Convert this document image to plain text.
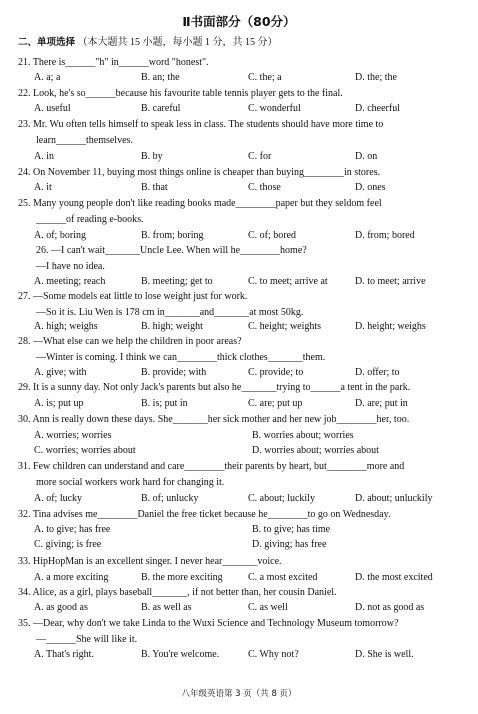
Ⅱ书面部分（80分）
二、单项选择 （本大题共 15 小题，每小题 1 分，共 15 分）
21. There is______"h" in______word "honest".
A. a; a	B. an; the	C. the; a	D. the; the
22. Look, he's so______because his favourite table tennis player gets to the final.
A. useful	B. careful	C. wonderful	D. cheerful
23. Mr. Wu often tells himself to speak less in class. The students should have more time to
learn______themselves.
A. in	B. by	C. for	D. on
24. On November 11, buying most things online is cheaper than buying________in stores.
A. it	B. that	C. those	D. ones
25. Many young people don't like reading books made________paper but they seldom feel
______of reading e-books.
A. of; boring	B. from; boring	C. of; bored	D. from; bored
26. —I can't wait_______Uncle Lee. When will he________home?
—I have no idea.
A. meeting; reach	B. meeting; get to	C. to meet; arrive at	D. to meet; arrive
27. —Some models eat little to lose weight just for work.
—So it is. Liu Wen is 178 cm in_______and_______at most 50kg.
A. high; weighs	B. high; weight	C. height; weights	D. height; weighs
28. —What else can we help the children in poor areas?
—Winter is coming. I think we can________thick clothes_______them.
A. give; with	B. provide; with	C. provide; to	D. offer; to
29. It is a sunny day. Not only Jack's parents but also he_______trying to______a tent in the park.
A. is; put up	B. is; put in	C. are; put up	D. are; put in
30. Ann is really down these days. She_______her sick mother and her new job________her, too.
A. worries; worries	B. worries about; worries
C. worries; worries about	D. worries about; worries about
31. Few children can understand and care________their parents by heart, but________more and
more social workers work hard for changing it.
A. of; lucky	B. of; unlucky	C. about; luckily	D. about; unluckily
32. Tina advises me________Daniel the free ticket because he________to go on Wednesday.
A. to give; has free	B. to give; has time
C. giving; is free	D. giving; has free
33. HipHopMan is an excellent singer. I never hear_______voice.
A. a more exciting	B. the more exciting	C. a most excited	D. the most excited
34. Alice, as a girl, plays baseball_______, if not better than, her cousin Daniel.
A. as good as	B. as well as	C. as well	D. not as good as
35. —Dear, why don't we take Linda to the Wuxi Science and Technology Museum tomorrow?
—______She will like it.
A. That's right.	B. You're welcome.	C. Why not?	D. She is well.
八年级英语第 3 页（共 8 页）
